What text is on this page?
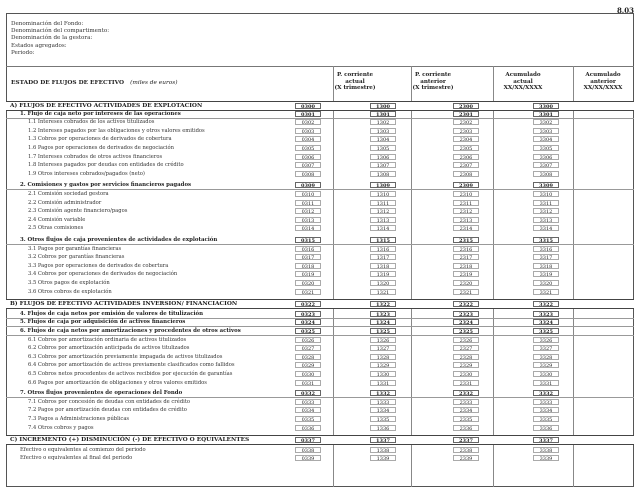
8.03
Denominación del Fondo:
Denominación del compartimento:
Denominación de la gestora:
Estados agregados:
Periodo:
ESTADO DE FLUJOS DE EFECTIVO (miles de euros)
P. corriente
actual
(X trimestre)
P. corriente
anterior
(X trimestre)
Acumulado
actual
XX/XX/XXXX
Acumulado
anterior
XX/XX/XXXX
A) FLUJOS DE EFECTIVO ACTIVIDADES DE EXPLOTACION	0300	1300	2300	3300
1. Flujo de caja neto por intereses de las operaciones	0301	1301	2301	3301
1.1 Intereses cobrados de los activos titulizados	0302	1302	2302	3302
1.2 Intereses pagados por las obligaciones y otros valores emitidos	0303	1303	2303	3303
1.3 Cobros por operaciones de derivados de cobertura	0304	1304	2304	3304
1.6 Pagos por operaciones de derivados de negociación	0305	1305	2305	3305
1.7 Intereses cobrados de otros activos financieros	0306	1306	2306	3306
1.8 Intereses pagados por deudas con entidades de crédito	0307	1307	2307	3307
1.9 Otros intereses cobrados/pagados (neto)	0308	1308	2308	3308
2. Comisiones y gastos por servicios financieros pagados	0309	1309	2309	3309
2.1 Comisión sociedad gestora	0310	1310	2310	3310
2.2 Comisión administrador	0311	1311	2311	3311
2.3 Comisión agente financiero/pagos	0312	1312	2312	3312
2.4 Comisión variable	0313	1313	2313	3313
2.5 Otras comisiones	0314	1314	2314	3314
3. Otros flujos de caja provenientes de actividades de explotación	0315	1315	2315	3315
3.1 Pagos por garantías financieras	0316	1316	2316	3316
3.2 Cobros por garantías financieras	0317	1317	2317	3317
3.3 Pagos por operaciones de derivados de cobertura	0318	1318	2318	3318
3.4 Cobros por operaciones de derivados de negociación	0319	1319	2319	3319
3.5 Otros pagos de explotación	0320	1320	2320	3320
3.6 Otros cobros de explotación	0321	1321	2321	3321
B) FLUJOS DE EFECTIVO ACTIVIDADES INVERSION/ FINANCIACION	0322	1322	2322	3322
4. Flujos de caja netos por emisión de valores de titulización	0323	1323	2323	3323
5. Flujos de caja por adquisición de activos financieros	0324	1324	2324	3324
6. Flujos de caja netos por amortizaciones y procedentes de otros activos	0325	1325	2325	3325
6.1 Cobros por amortización ordinaria de activos titulizados	0326	1326	2326	3326
6.2 Cobros por amortización anticipada de activos titulizados	0327	1327	2327	3327
6.3 Cobros por amortización previamente impagada de activos titulizados	0328	1328	2328	3328
6.4 Cobros por amortización de activos previamente clasificados como fallidos	0329	1329	2329	3329
6.5 Cobros netos procedentes de activos recibidos por ejecución de garantías	0330	1330	2330	3330
6.6 Pagos por amortización de obligaciones y otros valores emitidos	0331	1331	2331	3331
7. Otros flujos provenientes de operaciones del Fondo	0332	1332	2332	3332
7.1 Cobros por concesión de deudas con entidades de crédito	0333	1333	2333	3333
7.2 Pagos por amortización deudas con entidades de crédito	0334	1334	2334	3334
7.3 Pagos a Administraciones públicas	0335	1335	2335	3335
7.4 Otros cobros y pagos	0336	1336	2336	3336
C) INCREMENTO (+) DISMINUCIÓN (-) DE EFECTIVO O EQUIVALENTES	0337	1337	2337	3337
Efectivo o equivalentes al comienzo del periodo	0338	1338	2338	3338
Efectivo o equivalentes al final del periodo	0339	1339	2339	3339
